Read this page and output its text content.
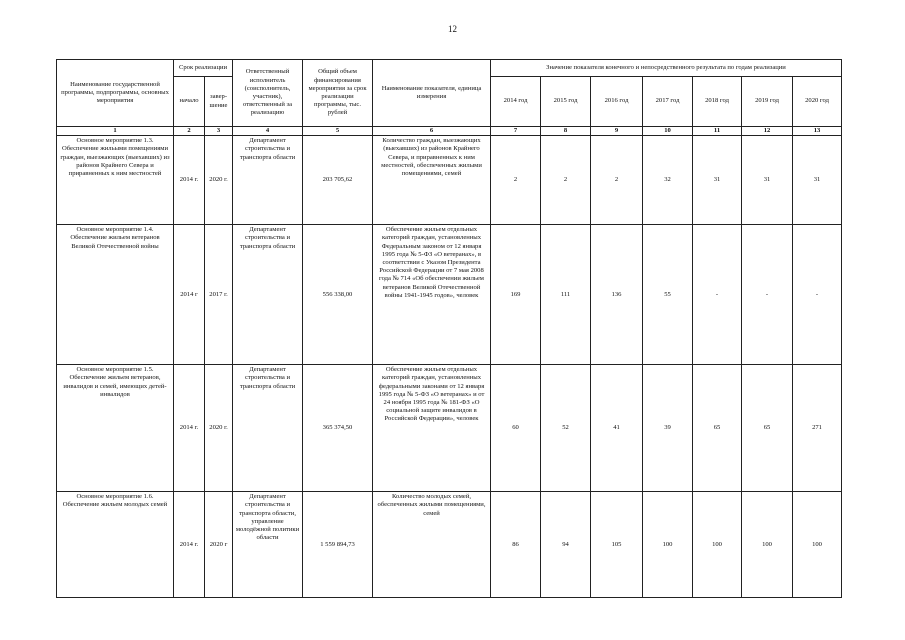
12
Наименование государственной программы, подпрограммы, основных мероприятия	Срок реализации		Ответственный исполнитель (соисполнитель, участник), ответственный за реализацию	Общий объем финансирования мероприятия за срок реализации программы, тыс. рублей	Наименование показателя, единица измерения	Значение показателя конечного и непосредственного результата по годам реализации						
	начало	завер-шение				2014 год	2015 год	2016 год	2017 год	2018 год	2019 год	2020 год
1	2	3	4	5	6	7	8	9	10	11	12	13
Основное мероприятие 1.3. Обеспечение жильыми помещениями граждан, выезжающих (выехавших) из районов Крайнего Севера и приравненных к ним местностей	2014 г.	2020 г.	Департамент строительства и транспорта области	203 705,62	Количество граждан, выезжающих (выехавших) из районов Крайнего Севера, и приравненных к ним местностей, обеспеченных жилыми помещениями, семей	2	2	2	32	31	31	31
Основное мероприятие 1.4. Обеспечение жильем ветеранов Великой Отечественной войны	2014 г	2017 г.	Департамент строительства и транспорта области	556 338,00	Обеспечение жильем отдельных категорий граждан, установленных Федеральным законом от 12 января 1995 года № 5-ФЗ «О ветеранах», в соответствии с Указом Президента Российской Федерации от 7 мая 2008 года № 714 «Об обеспечении жильем ветеранов Великой Отечественной войны 1941-1945 годов», человек	169	111	136	55	-	-	-
Основное мероприятие 1.5. Обеспечение жильем ветеранов, инвалидов и семей, имеющих детей-инвалидов	2014 г.	2020 г.	Департамент строительства и транспорта области	365 374,50	Обеспечение жильем отдельных категорий граждан, установленных федеральными законами от 12 января 1995 года № 5-ФЗ «О ветеранах» и от 24 ноября 1995 года № 181-ФЗ «О социальной защите инвалидов в Российской Федерации», человек	60	52	41	39	65	65	271
Основное мероприятие 1.6. Обеспечение жильем молодых семей	2014 г.	2020 г	Департамент строительства и транспорта области, управление молодёжной политики области	1 559 894,73	Количество молодых семей, обеспеченных жилыми помещениями, семей	86	94	105	100	100	100	100
